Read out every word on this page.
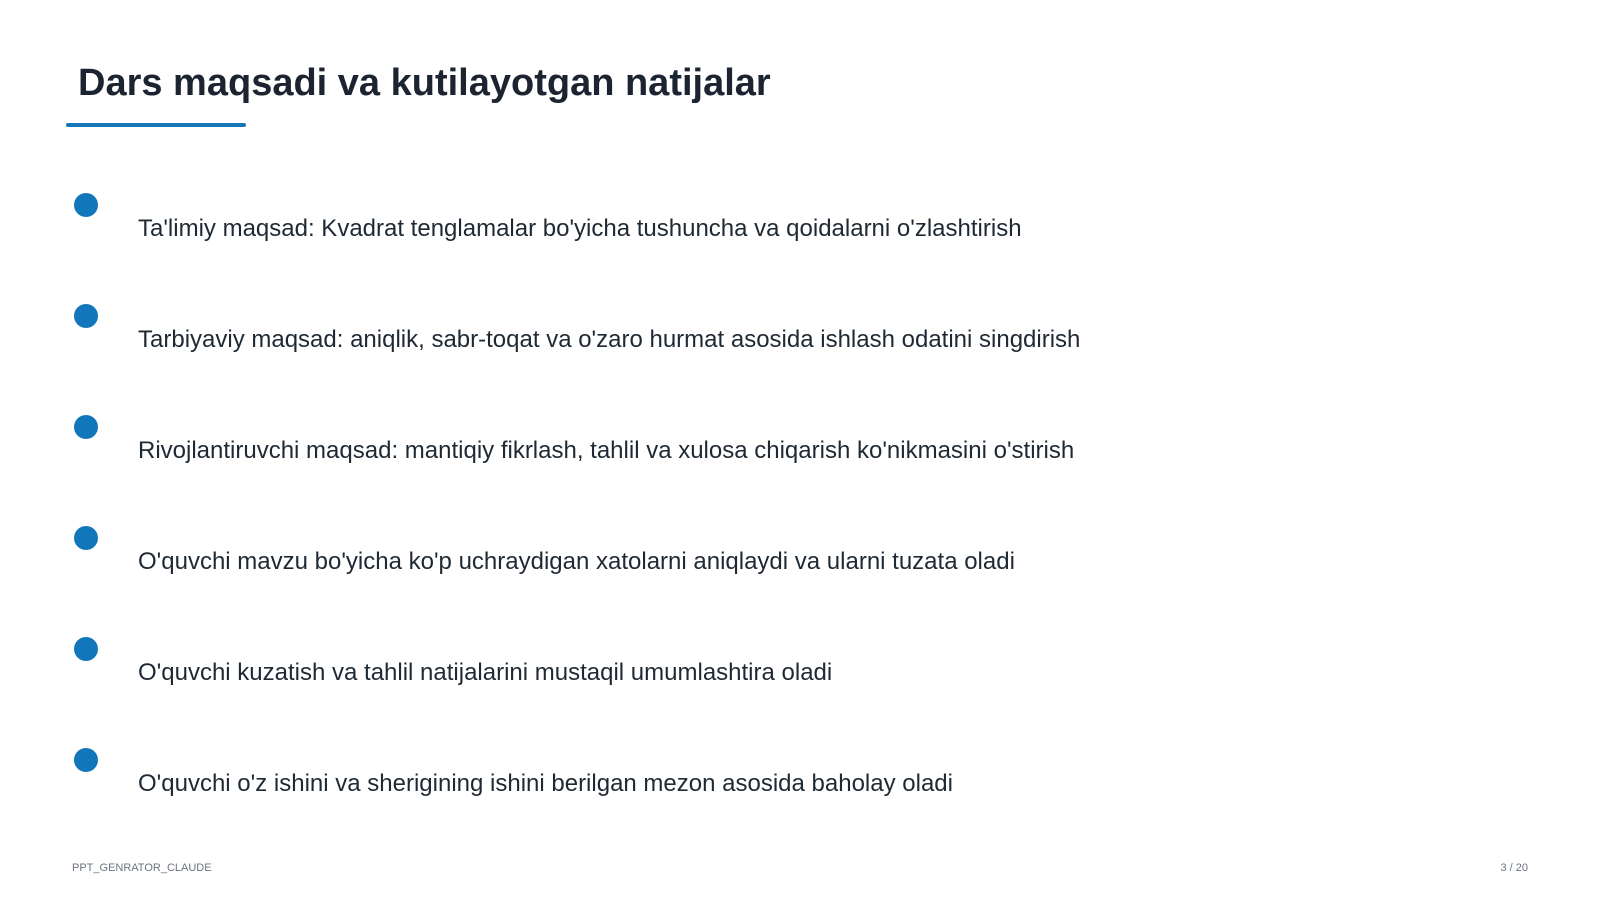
Dars maqsadi va kutilayotgan natijalar
Ta'limiy maqsad: Kvadrat tenglamalar bo'yicha tushuncha va qoidalarni o'zlashtirish
Tarbiyaviy maqsad: aniqlik, sabr-toqat va o'zaro hurmat asosida ishlash odatini singdirish
Rivojlantiruvchi maqsad: mantiqiy fikrlash, tahlil va xulosa chiqarish ko'nikmasini o'stirish
O'quvchi mavzu bo'yicha ko'p uchraydigan xatolarni aniqlaydi va ularni tuzata oladi
O'quvchi kuzatish va tahlil natijalarini mustaqil umumlashtira oladi
O'quvchi o'z ishini va sherigining ishini berilgan mezon asosida baholay oladi
PPT_GENRATOR_CLAUDE	3 / 20
